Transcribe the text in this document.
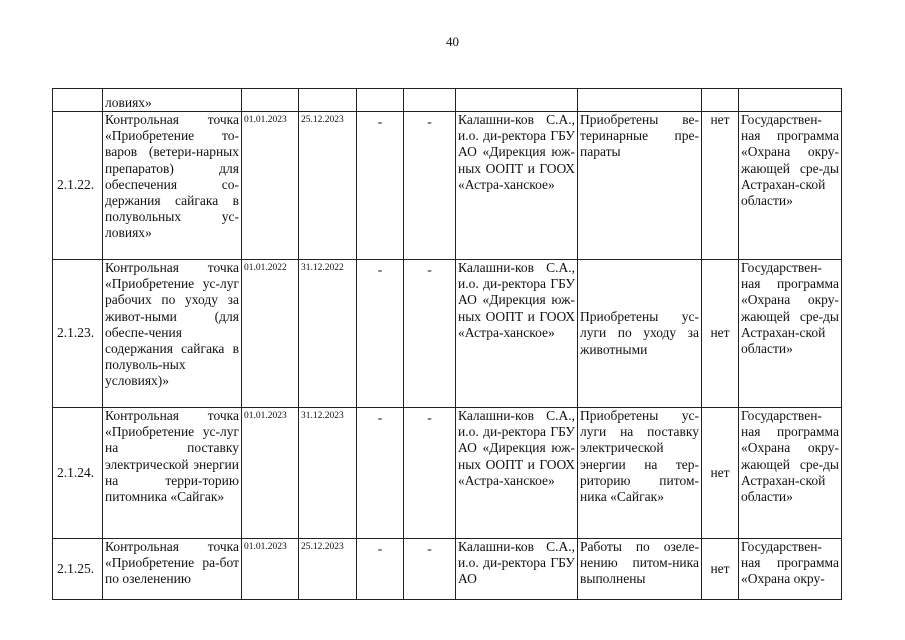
40
	ловиях»								
2.1.22.	Контрольная точка «Приобретение то-варов (ветери-нарных препаратов) для обеспечения со-держания сайгака в полувольных ус-ловиях»	01.01.2023	25.12.2023	-	-	Калашни-ков С.А., и.о. ди-ректора ГБУ АО «Дирекция юж-ных ООПТ и ГООХ «Астра-ханское»	Приобретены ве-теринарные пре-параты	нет	Государствен-ная программа «Охрана окру-жающей сре-ды Астрахан-ской области»
2.1.23.	Контрольная точка «Приобретение ус-луг рабочих по уходу за живот-ными (для обеспе-чения содержания сайгака в полуволь-ных условиях)»	01.01.2022	31.12.2022	-	-	Калашни-ков С.А., и.о. ди-ректора ГБУ АО «Дирекция юж-ных ООПТ и ГООХ «Астра-ханское»	Приобретены ус-луги по уходу за животными	нет	Государствен-ная программа «Охрана окру-жающей сре-ды Астрахан-ской области»
2.1.24.	Контрольная точка «Приобретение ус-луг на поставку электрической энергии на терри-торию питомника «Сайгак»	01.01.2023	31.12.2023	-	-	Калашни-ков С.А., и.о. ди-ректора ГБУ АО «Дирекция юж-ных ООПТ и ГООХ «Астра-ханское»	Приобретены ус-луги на поставку электрической энергии на тер-риторию питом-ника «Сайгак»	нет	Государствен-ная программа «Охрана окру-жающей сре-ды Астрахан-ской области»
2.1.25.	Контрольная точка «Приобретение ра-бот по озеленению	01.01.2023	25.12.2023	-	-	Калашни-ков С.А., и.о. ди-ректора ГБУ АО	Работы по озеле-нению питом-ника выполнены	нет	Государствен-ная программа «Охрана окру-
